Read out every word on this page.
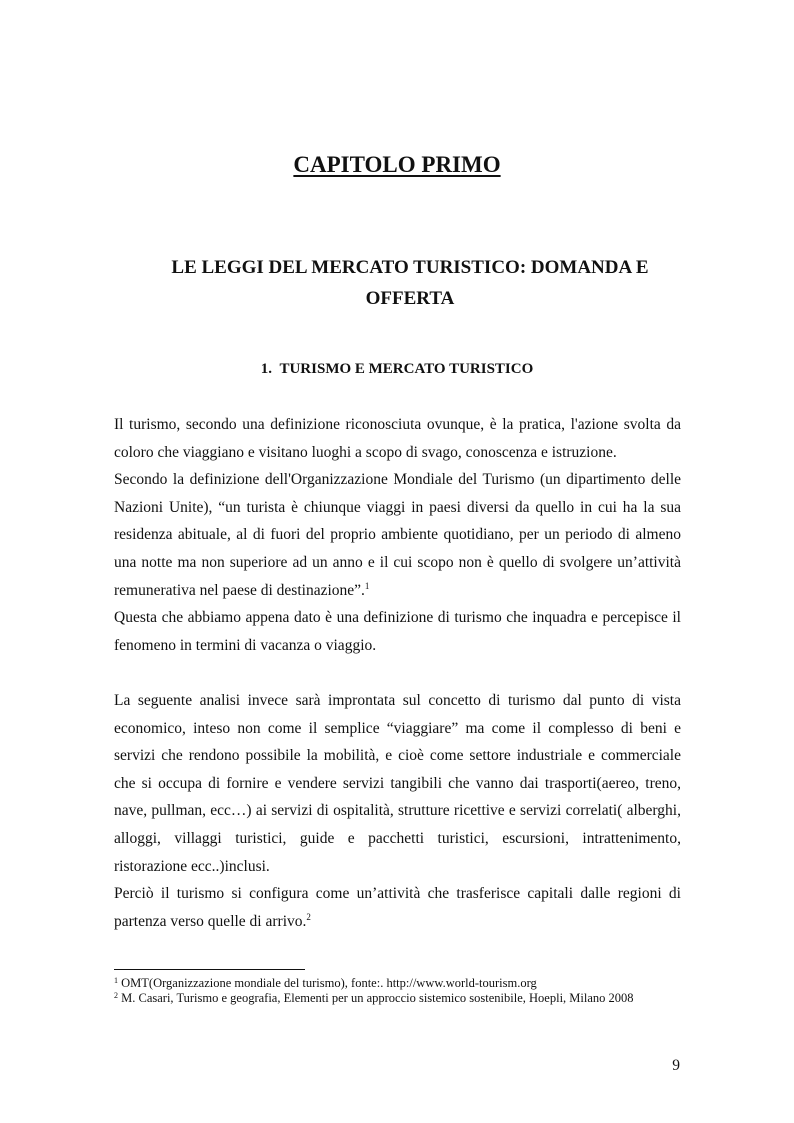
CAPITOLO PRIMO
LE LEGGI DEL MERCATO TURISTICO: DOMANDA E OFFERTA
1. TURISMO E MERCATO TURISTICO

Il turismo, secondo una definizione riconosciuta ovunque, è la pratica, l'azione svolta da coloro che viaggiano e visitano luoghi a scopo di svago, conoscenza e istruzione.

Secondo la definizione dell'Organizzazione Mondiale del Turismo (un dipartimento delle Nazioni Unite), “un turista è chiunque viaggi in paesi diversi da quello in cui ha la sua residenza abituale, al di fuori del proprio ambiente quotidiano, per un periodo di almeno una notte ma non superiore ad un anno e il cui scopo non è quello di svolgere un’attività remunerativa nel paese di destinazione”.$^1$

Questa che abbiamo appena dato è una definizione di turismo che inquadra e percepisce il fenomeno in termini di vacanza o viaggio.

La seguente analisi invece sarà improntata sul concetto di turismo dal punto di vista economico, inteso non come il semplice “viaggiare” ma come il complesso di beni e servizi che rendono possibile la mobilità, e cioè come settore industriale e commerciale che si occupa di fornire e vendere servizi tangibili che vanno dai trasporti(aereo, treno, nave, pullman, ecc…) ai servizi di ospitalità, strutture ricettive e servizi correlati( alberghi, alloggi, villaggi turistici, guide e pacchetti turistici, escursioni, intrattenimento, ristorazione ecc..)inclusi.

Perciò il turismo si configura come un’attività che trasferisce capitali dalle regioni di partenza verso quelle di arrivo.$^2$

$^1$ OMT(Organizzazione mondiale del turismo), fonte:. http://www.world-tourism.org
$^2$ M. Casari, Turismo e geografia, Elementi per un approccio sistemico sostenibile, Hoepli, Milano 2008
9
